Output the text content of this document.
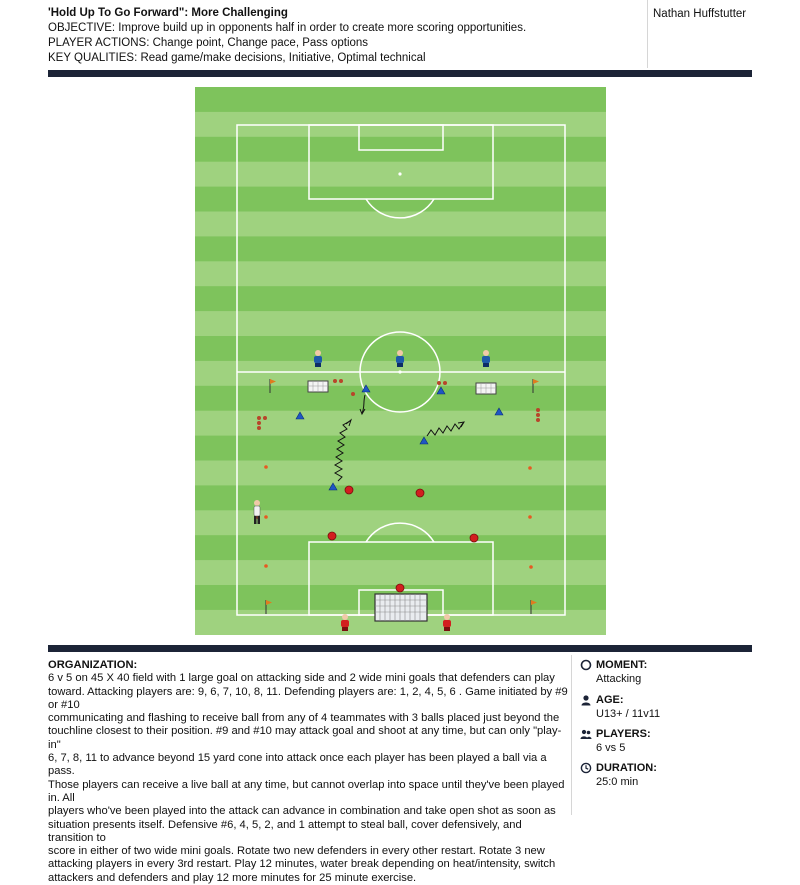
'Hold Up To Go Forward": More Challenging
OBJECTIVE: Improve build up in opponents half in order to create more scoring opportunities.
PLAYER ACTIONS: Change point, Change pace, Pass options
KEY QUALITIES: Read game/make decisions, Initiative, Optimal technical
Nathan Huffstutter
ORGANIZATION:
6 v 5 on 45 X 40 field with 1 large goal on attacking side and 2 wide mini goals that defenders can play
toward. Attacking players are: 9, 6, 7, 10, 8, 11. Defending players are: 1, 2, 4, 5, 6 . Game initiated by #9 or #10
communicating and flashing to receive ball from any of 4 teammates with 3 balls placed just beyond the
touchline closest to their position. #9 and #10 may attack goal and shoot at any time, but can only "play-in"
6, 7, 8, 11 to advance beyond 15 yard cone into attack once each player has been played a ball via a pass.
Those players can receive a live ball at any time, but cannot overlap into space until they've been played in. All
players who've been played into the attack can advance in combination and take open shot as soon as
situation presents itself. Defensive #6, 4, 5, 2, and 1 attempt to steal ball, cover defensively, and transition to
score in either of two wide mini goals. Rotate two new defenders in every other restart. Rotate 3 new
attacking players in every 3rd restart. Play 12 minutes, water break depending on heat/intensity, switch
attackers and defenders and play 12 more minutes for 25 minute exercise.
MOMENT:
Attacking
AGE:
U13+ / 11v11
PLAYERS:
6 vs 5
DURATION:
25:0 min
